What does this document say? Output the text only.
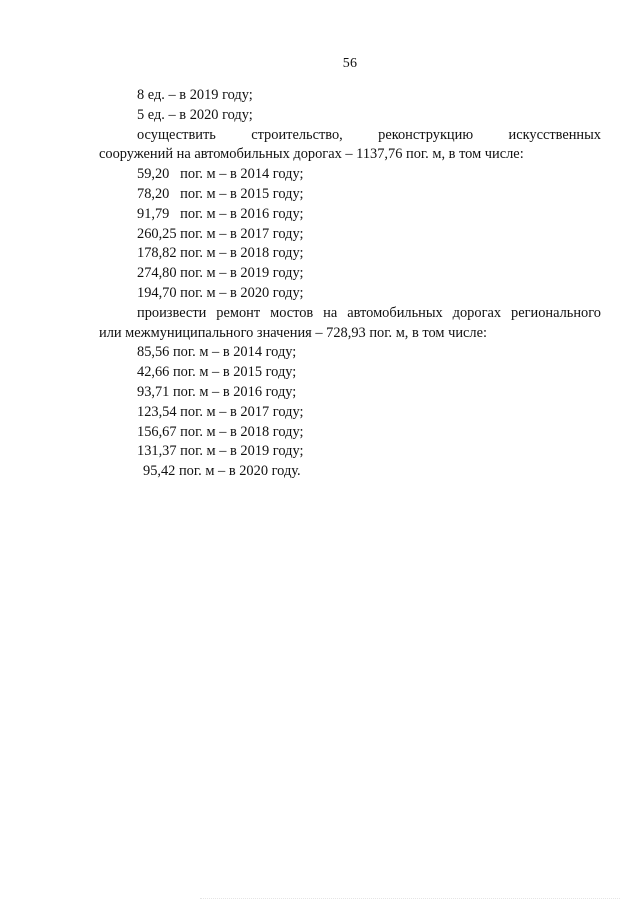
56
8 ед. – в 2019 году;
5 ед. – в 2020 году;
осуществить строительство, реконструкцию искусственных
сооружений на автомобильных дорогах – 1137,76 пог. м, в том числе:
59,20   пог. м – в 2014 году;
78,20   пог. м – в 2015 году;
91,79   пог. м – в 2016 году;
260,25 пог. м – в 2017 году;
178,82 пог. м – в 2018 году;
274,80 пог. м – в 2019 году;
194,70 пог. м – в 2020 году;
произвести ремонт мостов на автомобильных дорогах регионального
или межмуниципального значения – 728,93 пог. м, в том числе:
85,56 пог. м – в 2014 году;
42,66 пог. м – в 2015 году;
93,71 пог. м – в 2016 году;
123,54 пог. м – в 2017 году;
156,67 пог. м – в 2018 году;
131,37 пог. м – в 2019 году;
95,42 пог. м – в 2020 году.
